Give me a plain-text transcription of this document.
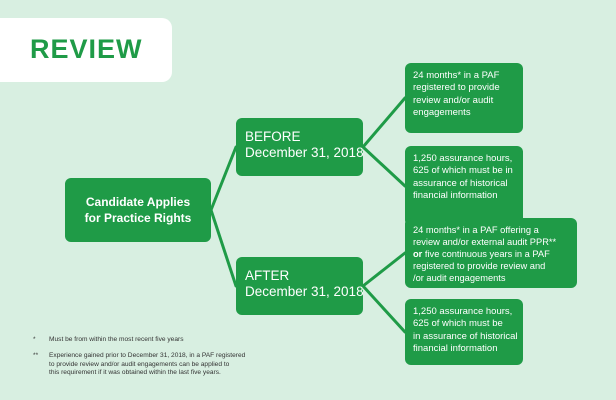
REVIEW
Candidate Applies
for Practice Rights
BEFORE
December 31, 2018
AFTER
December 31, 2018
24 months* in a PAF
registered to provide
review and/or audit
engagements
1,250 assurance hours,
625 of which must be in
assurance of historical
financial information
24 months* in a PAF offering a
review and/or external audit PPR**
or five continuous years in a PAF
registered to provide review and
/or audit engagements
1,250 assurance hours,
625 of which must be
in assurance of historical
financial information
* Must be from within the most recent five years
** Experience gained prior to December 31, 2018, in a PAF registered
to provide review and/or audit engagements can be applied to
this requirement if it was obtained within the last five years.
